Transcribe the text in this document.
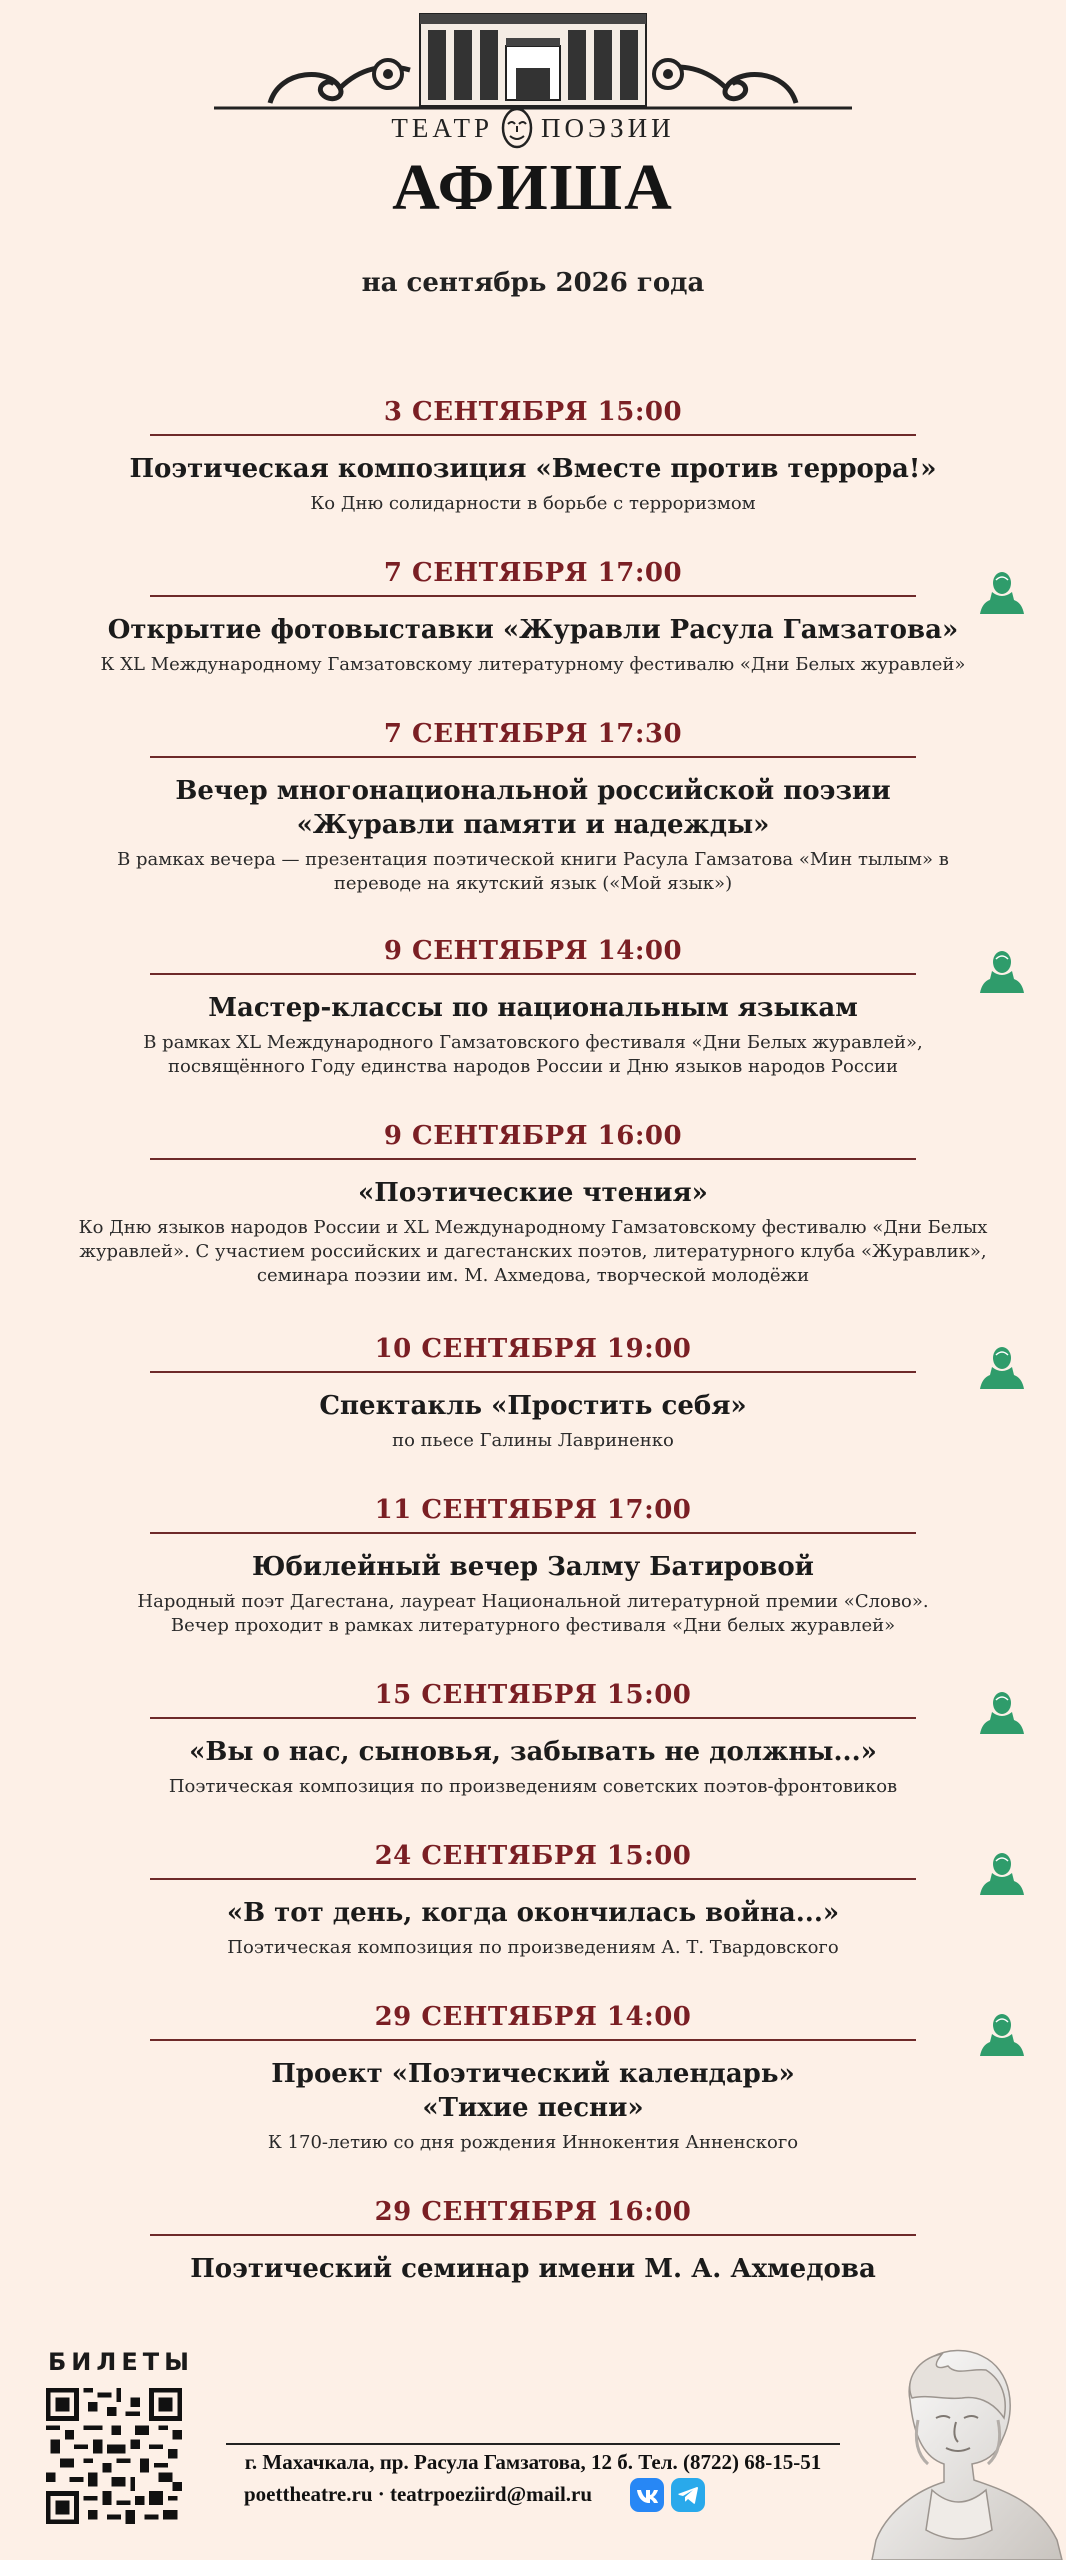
ТЕАТР ПОЭЗИИ
АФИША
на сентябрь 2026 года
3 СЕНТЯБРЯ 15:00
Поэтическая композиция «Вместе против террора!»
Ко Дню солидарности в борьбе с терроризмом
7 СЕНТЯБРЯ 17:00
Открытие фотовыставки «Журавли Расула Гамзатова»
К XL Международному Гамзатовскому литературному фестивалю «Дни Белых журавлей»
7 СЕНТЯБРЯ 17:30
Вечер многонациональной российской поэзии
«Журавли памяти и надежды»
В рамках вечера — презентация поэтической книги Расула Гамзатова «Мин тылым» в
переводе на якутский язык («Мой язык»)
9 СЕНТЯБРЯ 14:00
Мастер-классы по национальным языкам
В рамках XL Международного Гамзатовского фестиваля «Дни Белых журавлей»,
посвящённого Году единства народов России и Дню языков народов России
9 СЕНТЯБРЯ 16:00
«Поэтические чтения»
Ко Дню языков народов России и XL Международному Гамзатовскому фестивалю «Дни Белых
журавлей». С участием российских и дагестанских поэтов, литературного клуба «Журавлик»,
семинара поэзии им. М. Ахмедова, творческой молодёжи
10 СЕНТЯБРЯ 19:00
Спектакль «Простить себя»
по пьесе Галины Лавриненко
11 СЕНТЯБРЯ 17:00
Юбилейный вечер Залму Батировой
Народный поэт Дагестана, лауреат Национальной литературной премии «Слово».
Вечер проходит в рамках литературного фестиваля «Дни белых журавлей»
15 СЕНТЯБРЯ 15:00
«Вы о нас, сыновья, забывать не должны...»
Поэтическая композиция по произведениям советских поэтов-фронтовиков
24 СЕНТЯБРЯ 15:00
«В тот день, когда окончилась война...»
Поэтическая композиция по произведениям А. Т. Твардовского
29 СЕНТЯБРЯ 14:00
Проект «Поэтический календарь»
«Тихие песни»
К 170-летию со дня рождения Иннокентия Анненского
29 СЕНТЯБРЯ 16:00
Поэтический семинар имени М. А. Ахмедова
БИЛЕТЫ
г. Махачкала, пр. Расула Гамзатова, 12 б. Тел. (8722) 68-15-51
poettheatre.ru · teatrpoeziird@mail.ru
